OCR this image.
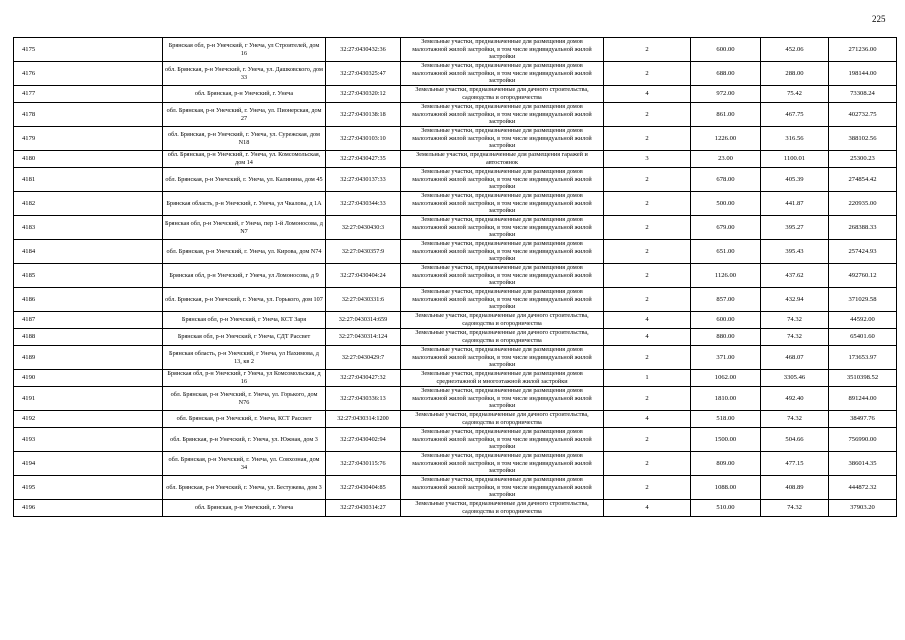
225
4175	Брянская обл, р-н Унечский, г Унеча, ул Строителей, дом 16	32:27:0430432:36	Земельные участки, предназначенные для размещения домов малоэтажной жилой застройки, в том числе индивидуальной жилой застройки	2	600.00	452.06	271236.00
4176	обл. Брянская, р-н Унечский, г. Унеча, ул. Дашковского, дом 33	32:27:0430325:47	Земельные участки, предназначенные для размещения домов малоэтажной жилой застройки, в том числе индивидуальной жилой застройки	2	688.00	288.00	198144.00
4177	обл. Брянская, р-н Унечский, г. Унеча	32:27:0430320:12	Земельные участки, предназначенные для дачного строительства, садоводства и огородничества	4	972.00	75.42	73308.24
4178	обл. Брянская, р-н Унечский, г. Унеча, ул. Пионерская, дом 27	32:27:0430138:18	Земельные участки, предназначенные для размещения домов малоэтажной жилой застройки, в том числе индивидуальной жилой застройки	2	861.00	467.75	402732.75
4179	обл. Брянская, р-н Унечский, г. Унеча, ул. Сурежская, дом N18	32:27:0430103:10	Земельные участки, предназначенные для размещения домов малоэтажной жилой застройки, в том числе индивидуальной жилой застройки	2	1226.00	316.56	388102.56
4180	обл. Брянская, р-н Унечский, г. Унеча, ул. Комсомольская, дом 14	32:27:0430427:35	Земельные участки, предназначенные для размещения гаражей и автостоянок	3	23.00	1100.01	25300.23
4181	обл. Брянская, р-н Унечский, г. Унеча, ул. Калинина, дом 45	32:27:0430137:33	Земельные участки, предназначенные для размещения домов малоэтажной жилой застройки, в том числе индивидуальной жилой застройки	2	678.00	405.39	274854.42
4182	Брянская область, р-н Унечский, г. Унеча, ул Чкалова, д 1А	32:27:0430344:33	Земельные участки, предназначенные для размещения домов малоэтажной жилой застройки, в том числе индивидуальной жилой застройки	2	500.00	441.87	220935.00
4183	Брянская обл, р-н Унечский, г Унеча, пер 1-й Ломоносова, д N7	32:27:0430430:3	Земельные участки, предназначенные для размещения домов малоэтажной жилой застройки, в том числе индивидуальной жилой застройки	2	679.00	395.27	268388.33
4184	обл. Брянская, р-н Унечский, г. Унеча, ул. Кирова, дом N74	32:27:0430357:9	Земельные участки, предназначенные для размещения домов малоэтажной жилой застройки, в том числе индивидуальной жилой застройки	2	651.00	395.43	257424.93
4185	Брянская обл, р-н Унечский, г Унеча, ул Ломоносова, д 9	32:27:0430404:24	Земельные участки, предназначенные для размещения домов малоэтажной жилой застройки, в том числе индивидуальной жилой застройки	2	1126.00	437.62	492760.12
4186	обл. Брянская, р-н Унечский, г. Унеча, ул. Горького, дом 107	32:27:0430331:6	Земельные участки, предназначенные для размещения домов малоэтажной жилой застройки, в том числе индивидуальной жилой застройки	2	857.00	432.94	371029.58
4187	Брянская обл, р-н Унечский, г Унеча, КСТ Заря	32:27:0430314:659	Земельные участки, предназначенные для дачного строительства, садоводства и огородничества	4	600.00	74.32	44592.00
4188	Брянская обл, р-н Унечский, г Унеча, СДТ Рассвет	32:27:0430314:124	Земельные участки, предназначенные для дачного строительства, садоводства и огородничества	4	880.00	74.32	65401.60
4189	Брянская область, р-н Унечский, г Унеча, ул Нахимова, д 13, кв 2	32:27:0430429:7	Земельные участки, предназначенные для размещения домов малоэтажной жилой застройки, в том числе индивидуальной жилой застройки	2	371.00	468.07	173653.97
4190	Брянская обл, р-н Унечский, г Унеча, ул Комсомольская, д 16	32:27:0430427:32	Земельные участки, предназначенные для размещения домов среднеэтажной и многоэтажной жилой застройки	1	1062.00	3305.46	3510398.52
4191	обл. Брянская, р-н Унечский, г. Унеча, ул. Горького, дом N76	32:27:0430336:13	Земельные участки, предназначенные для размещения домов малоэтажной жилой застройки, в том числе индивидуальной жилой застройки	2	1810.00	492.40	891244.00
4192	обл. Брянская, р-н Унечский, г. Унеча, КСТ Рассвет	32:27:0430314:1200	Земельные участки, предназначенные для дачного строительства, садоводства и огородничества	4	518.00	74.32	38497.76
4193	обл. Брянская, р-н Унечский, г. Унеча, ул. Южная, дом 3	32:27:0430402:94	Земельные участки, предназначенные для размещения домов малоэтажной жилой застройки, в том числе индивидуальной жилой застройки	2	1500.00	504.66	756990.00
4194	обл. Брянская, р-н Унечский, г. Унеча, ул. Совхозная, дом 34	32:27:0430115:76	Земельные участки, предназначенные для размещения домов малоэтажной жилой застройки, в том числе индивидуальной жилой застройки	2	809.00	477.15	386014.35
4195	обл. Брянская, р-н Унечский, г. Унеча, ул. Бестужева, дом 3	32:27:0430404:85	Земельные участки, предназначенные для размещения домов малоэтажной жилой застройки, в том числе индивидуальной жилой застройки	2	1088.00	408.89	444872.32
4196	обл. Брянская, р-н Унечский, г. Унеча	32:27:0430314:27	Земельные участки, предназначенные для дачного строительства, садоводства и огородничества	4	510.00	74.32	37903.20
